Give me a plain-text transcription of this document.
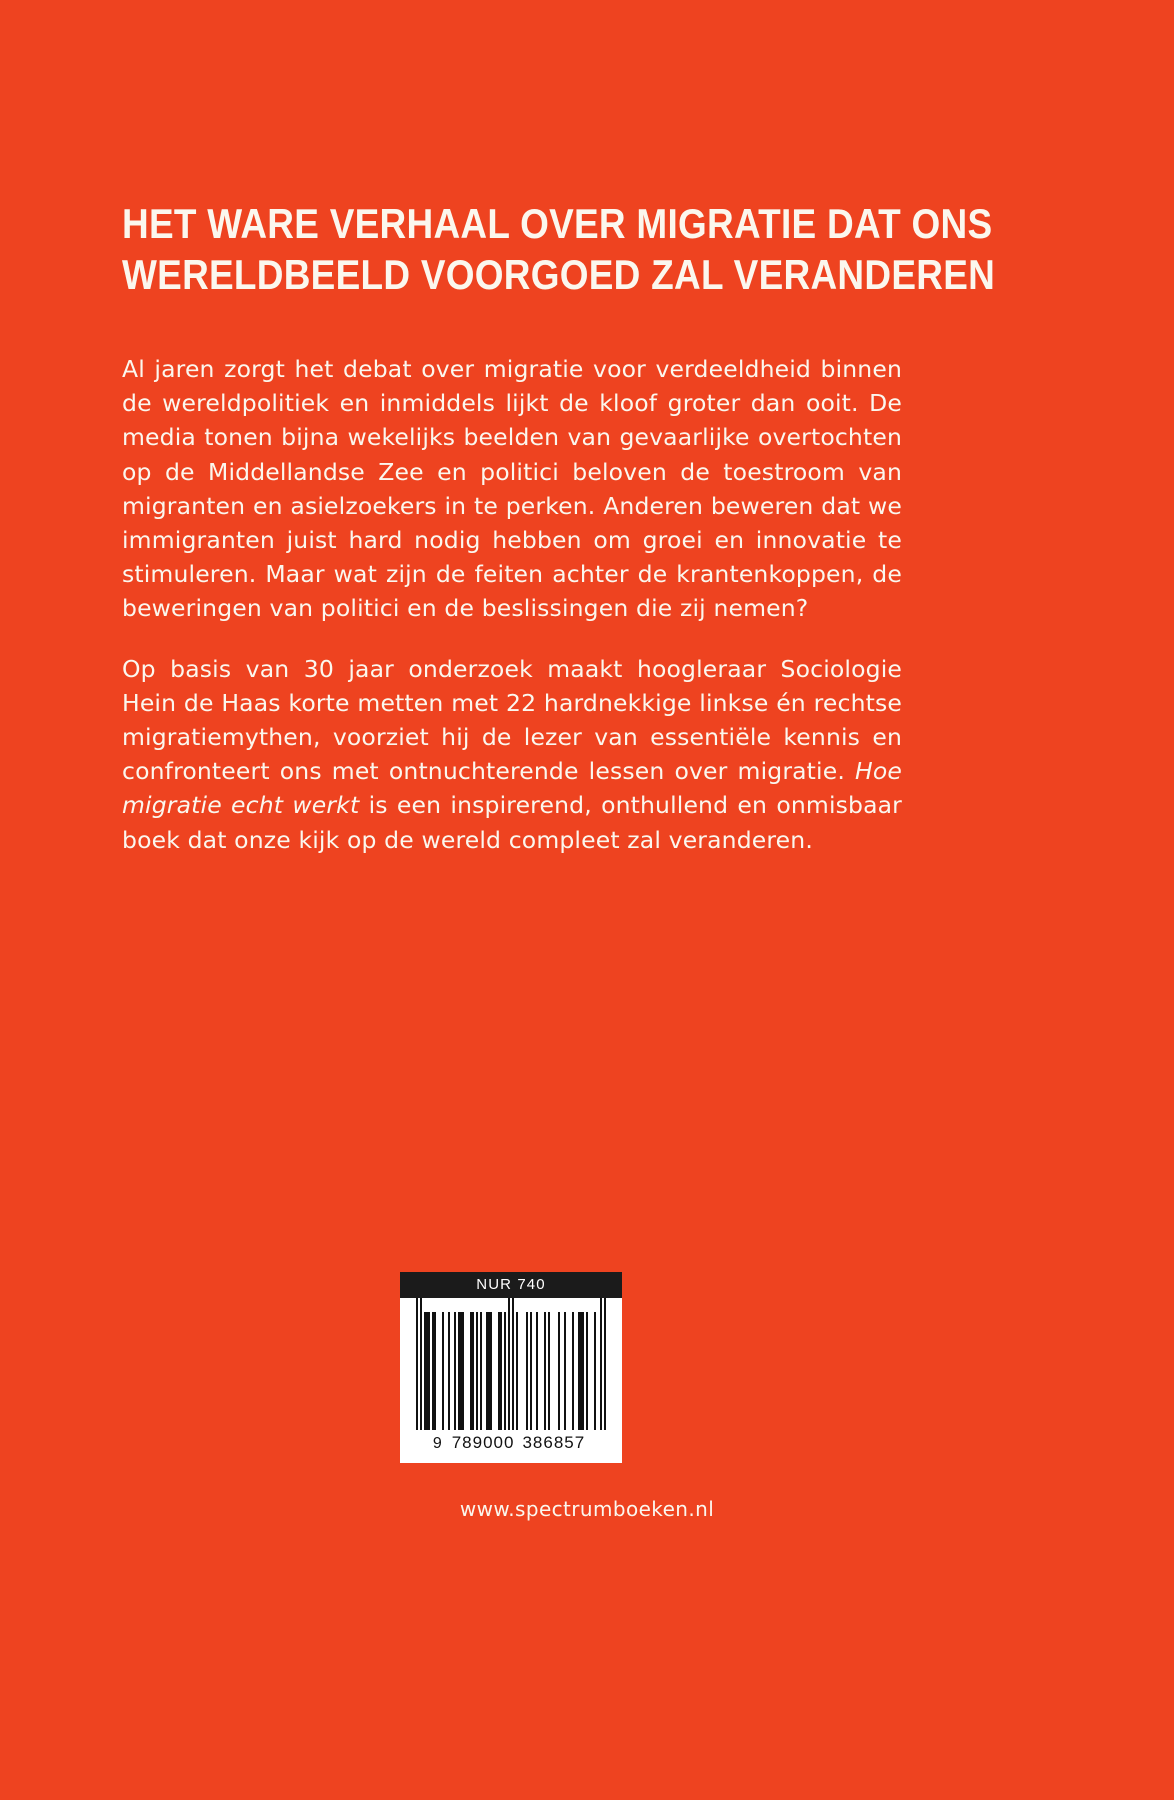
HET WARE VERHAAL OVER MIGRATIE DAT ONS
WERELDBEELD VOORGOED ZAL VERANDEREN

Al jaren zorgt het debat over migratie voor verdeeldheid binnen de wereldpolitiek en inmiddels lijkt de kloof groter dan ooit. De media tonen bijna wekelijks beelden van gevaarlijke overtochten op de Middellandse Zee en politici beloven de toestroom van migranten en asielzoekers in te perken. Anderen beweren dat we immigranten juist hard nodig hebben om groei en innovatie te stimuleren. Maar wat zijn de feiten achter de krantenkoppen, de beweringen van politici en de beslissingen die zij nemen?

Op basis van 30 jaar onderzoek maakt hoogleraar Sociologie Hein de Haas korte metten met 22 hardnekkige linkse én rechtse migratiemythen, voorziet hij de lezer van essentiële kennis en confronteert ons met ontnuchterende lessen over migratie. Hoe migratie echt werkt is een inspirerend, onthullend en onmisbaar boek dat onze kijk op de wereld compleet zal veranderen.

NUR 740
9 789000 386857
www.spectrumboeken.nl
